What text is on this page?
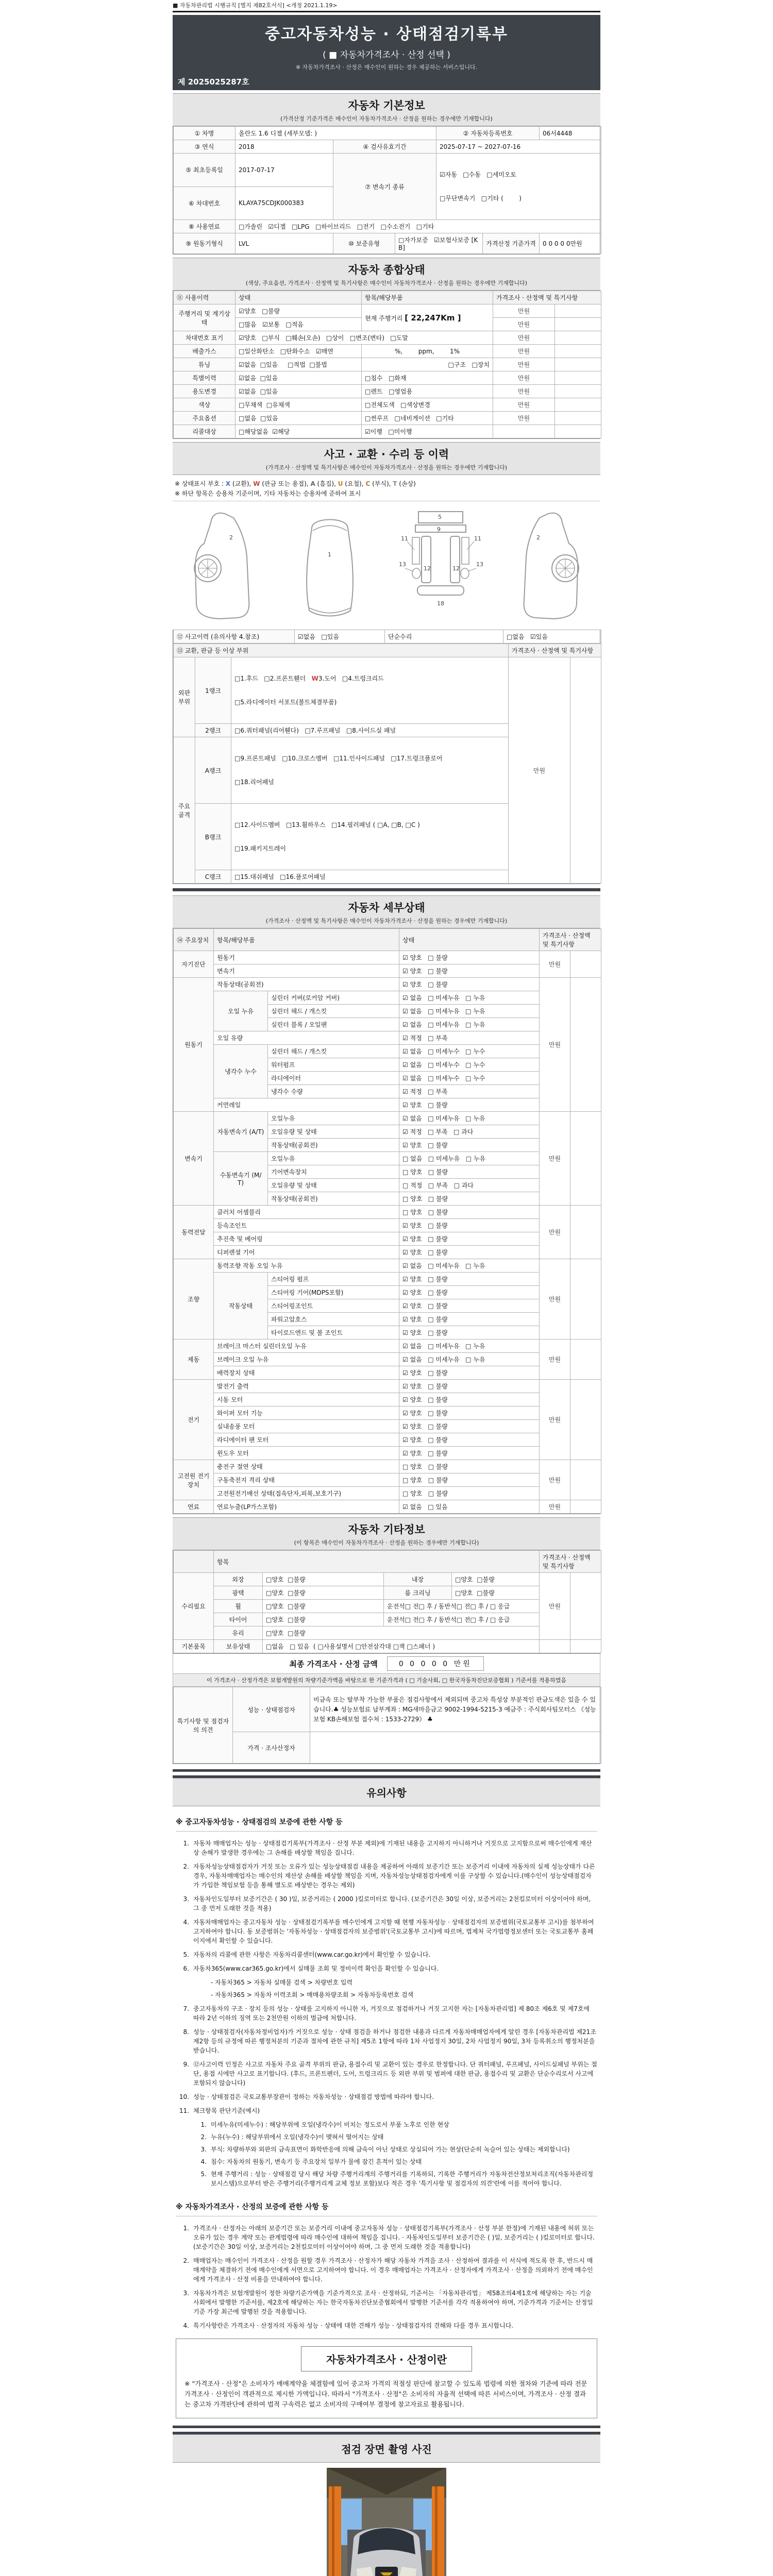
■ 자동차관리법 시행규칙 [별지 제82호서식] <개정 2021.1.19>
중고자동차성능 · 상태점검기록부
( ■ 자동차가격조사 · 산정 선택 )
※ 자동차가격조사 · 산정은 매수인이 원하는 경우 제공하는 서비스입니다.
제 2025025287호
자동차 기본정보
(가격산정 기준가격은 매수인이 자동차가격조사 · 산정을 원하는 경우에만 기재합니다)
① 차명	올란도 1.6 디젤 (세부모델: )			② 자동차등록번호		06서4448
③ 연식	2018	④ 검사유효기간		2025-07-17 ~ 2027-07-16		
⑤ 최초등록일	2017-07-17	⑦ 변속기 종류		☑자동   □수동   □세미오토

□무단변속기   □기타 (        )		

⑥ 차대번호	KLAYA75CDJK000383					
⑧ 사용연료	□가솔린   ☑디젤   □LPG   □하이브리드   □전기   □수소전기   □기타					
⑨ 원동기형식	LVL	⑩ 보증유형	□자가보증   ☑보험사보증 [KB]		가격산정 기준가격	0 0 0 0 0만원
자동차 종합상태
(색상, 주요옵션, 가격조사 · 산정액 및 특기사항은 매수인이 자동차가격조사 · 산정을 원하는 경우에만 기재합니다)
⑪ 사용이력	상태	항목/해당부품	가격조사 · 산정액 및 특기사항	
주행거리 및 계기상태	☑양호   □불량	현재 주행거리 [ 22,247Km ]	만원	
	□많음   ☑보통   □적음		만원	
차대번호 표기	☑양호   □부식   □훼손(오손)   □상이   □변조(변타)   □도말		만원	
배출가스	□일산화탄소   □탄화수소   ☑매연	%,        ppm,        1%	만원	
튜닝	☑없음  □있음     □적법  □불법	□구조   □장치	만원	
특별이력	☑없음  □있음	□침수   □화재	만원	
용도변경	☑없음  □있음	□렌트   □영업용	만원	
색상	□무채색  □유채색	□전체도색   □색상변경	만원	
주요옵션	□없음  □있음	□썬루프   □네비게이션   □기타	만원	
리콜대상	□해당없음  ☑해당	☑이행   □미이행		
사고 · 교환 · 수리 등 이력
(가격조사 · 산정액 및 특기사항은 매수인이 자동차가격조사 · 산정을 원하는 경우에만 기재합니다)
※ 상태표시 부호 : X (교환), W (판금 또는 용접), A (흠집), U (요철), C (부식), T (손상)
※ 하단 항목은 승용차 기준이며, 기타 자동차는 승용차에 준하여 표시
2
1
5
9
11	11
12	12
13	13
18
2
⑫ 사고이력 (유의사항 4.참조)	☑없음   □있음	단순수리	□없음   ☑있음
⑬ 교환, 판금 등 이상 부위			가격조사 · 산정액 및 특기사항	
외판부위	1랭크	□1.후드   □2.프론트휀더   W3.도어   □4.트렁크리드

□5.라디에이터 서포트(볼트체결부품)	만원	
	2랭크	□6.쿼터패널(리어휀다)   □7.루프패널   □8.사이드실 패널		
주요골격	A랭크	□9.프론트패널   □10.크로스멤버   □11.인사이드패널   □17.트렁크플로어

□18.리어패널		

	B랭크	□12.사이드멤버   □13.휠하우스   □14.필러패널 ( □A, □B, □C )

□19.패키지트레이		

	C랭크	□15.대쉬패널   □16.플로어패널		
자동차 세부상태
(가격조사 · 산정액 및 특기사항은 매수인이 자동차가격조사 · 산정을 원하는 경우에만 기재합니다)
⑭ 주요장치	항목/해당부품		상태	가격조사 · 산정액 및 특기사항	
자기진단	원동기		☑ 양호   □ 불량	만원	
	변속기		☑ 양호   □ 불량		
원동기	작동상태(공회전)		☑ 양호   □ 불량	만원	
	오일 누유	실린더 커버(로커암 커버)	☑ 없음   □ 미세누유   □ 누유		
		실린더 헤드 / 개스킷	☑ 없음   □ 미세누유   □ 누유		
		실린더 블록 / 오일팬	☑ 없음   □ 미세누유   □ 누유		
	오일 유량		☑ 적정   □ 부족		
	냉각수 누수	실린더 헤드 / 개스킷	☑ 없음   □ 미세누수   □ 누수		
		워터펌프	☑ 없음   □ 미세누수   □ 누수		
		라디에이터	☑ 없음   □ 미세누수   □ 누수		
		냉각수 수량	☑ 적정   □ 부족		
	커먼레일		☑ 양호   □ 불량		
변속기	자동변속기 (A/T)	오일누유	☑ 없음   □ 미세누유   □ 누유	만원	
		오일유량 및 상태	☑ 적정   □ 부족   □ 과다		
		작동상태(공회전)	☑ 양호   □ 불량		
	수동변속기 (M/T)	오일누유	□ 없음   □ 미세누유   □ 누유		
		기어변속장치	□ 양호   □ 불량		
		오일유량 및 상태	□ 적정   □ 부족   □ 과다		
		작동상태(공회전)	□ 양호   □ 불량		
동력전달	클러치 어셈블리		□ 양호   □ 불량	만원	
	등속조인트		☑ 양호   □ 불량		
	추진축 및 베어링		☑ 양호   □ 불량		
	디퍼렌셜 기어		☑ 양호   □ 불량		
조향	동력조향 작동 오일 누유		☑ 없음   □ 미세누유   □ 누유	만원	
	작동상태	스티어링 펌프	☑ 양호   □ 불량		
		스티어링 기어(MDPS포함)	☑ 양호   □ 불량		
		스티어링조인트	☑ 양호   □ 불량		
		파워고압호스	☑ 양호   □ 불량		
		타이로드엔드 및 볼 조인트	☑ 양호   □ 불량		
제동	브레이크 마스터 실린더오일 누유		☑ 없음   □ 미세누유   □ 누유	만원	
	브레이크 오일 누유		☑ 없음   □ 미세누유   □ 누유		
	배력장치 상태		☑ 양호   □ 불량		
전기	발전기 출력		☑ 양호   □ 불량	만원	
	시동 모터		☑ 양호   □ 불량		
	와이퍼 모터 기능		☑ 양호   □ 불량		
	실내송풍 모터		☑ 양호   □ 불량		
	라디에이터 팬 모터		☑ 양호   □ 불량		
	윈도우 모터		☑ 양호   □ 불량		
고전원 전기장치	충전구 절연 상태		□ 양호   □ 불량	만원	
	구동축전지 격리 상태		□ 양호   □ 불량		
	고전원전기배선 상태(접속단자,피복,보호기구)		□ 양호   □ 불량		
연료	연료누출(LP가스포함)		☑ 없음   □ 있음	만원	
자동차 기타정보
(이 항목은 매수인이 자동차가격조사 · 산정을 원하는 경우에만 기재합니다)
	항목				가격조사 · 산정액 및 특기사항	
수리필요	외장	□양호  □불량	내장	□양호  □불량	만원	
	광택	□양호  □불량	룸 크리닝	□양호  □불량		
	휠	□양호  □불량	운전석□ 전□ 후 / 동반석□ 전□ 후 / □ 응급			
	타이어	□양호  □불량	운전석□ 전□ 후 / 동반석□ 전□ 후 / □ 응급			
	유리	□양호  □불량				
기본품목	보유상태	□없음   □ 있음  ( □사용설명서 □안전삼각대 □잭 □스패너 )				
최종 가격조사 · 산정 금액	0 0 0 0 0 만원
이 가격조사 · 산정가격은 보험개발원의 차량기준가액을 바탕으로 한 기준가격과 ( □ 기술사회, □ 한국자동차진단보증협회 ) 기준서를 적용하였음
특기사항 및 점검자의 의견	성능 · 상태점검자	비금속 또는 탈부착 가능한 부품은 점검사항에서 제외되며 중고차 특성상 부분적인 판금도색은 있을 수 있습니다.♣ 성능보험료 납부계좌 : MG새마을금고 9002-1994-5215-3 예금주 : 주식회사팀모터스 《성능보험 KB손해보험 접수처 : 1533-2729》 ♣
	가격 · 조사산정자	
유의사항
※ 중고자동차성능 · 상태점검의 보증에 관한 사항 등
1. 자동차 매매업자는 성능 · 상태점검기록부(가격조사 · 산정 부분 제외)에 기재된 내용을 고지하지 아니하거나 거짓으로 고지함으로써 매수인에게 재산상 손해가 발생한 경우에는 그 손해를 배상할 책임을 집니다.
2. 자동차성능상태점검자가 거짓 또는 오류가 있는 성능상태점검 내용을 제공하여 아래의 보증기간 또는 보증거리 이내에 자동차의 실제 성능상태가 다른 경우, 자동차매매업자는 매수인의 재산상 손해를 배상할 책임을 지며, 자동차성능상태점검자에게 이를 구상할 수 있습니다.(매수인이 성능상태점검자가 가입한 책임보험 등을 통해 별도로 배상받는 경우는 제외)
3. 자동차인도일부터 보증기간은 ( 30 )일, 보증거리는 ( 2000 )킬로미터로 합니다. (보증기간은 30일 이상, 보증거리는 2천킬로미터 이상이어야 하며, 그 중 먼저 도래한 것을 적용)
4. 자동차매매업자는 중고자동차 성능 · 상태점검기록부를 매수인에게 고지할 때 현행 자동차성능 · 상태점검자의 보증범위(국토교통부 고시)를 첨부하여 고지하여야 합니다. 동 보증범위는 '자동차성능 · 상태점검자의 보증범위'(국토교통부 고시)에 따르며, 법제처 국가법령정보센터 또는 국토교통부 홈페이지에서 확인할 수 있습니다.
5. 자동차의 리콜에 관한 사항은 자동차리콜센터(www.car.go.kr)에서 확인할 수 있습니다.
6. 자동차365(www.car365.go.kr)에서 실매물 조회 및 정비이력 확인을 확인할 수 있습니다.
- 자동차365 > 자동차 실매물 검색 > 차량번호 입력
- 자동차365 > 자동차 이력조회 > 매매용차량조회 > 자동차등록번호 검색
7. 중고자동차의 구조 · 장치 등의 성능 · 상태를 고지하지 아니한 자, 거짓으로 점검하거나 거짓 고지한 자는 [자동차관리법] 제 80조 제6호 및 제7호에 따라 2년 이하의 징역 또는 2천만원 이하의 벌금에 처합니다.
8. 성능 · 상태점검자(자동차정비업자)가 거짓으로 성능 · 상태 점검을 하거나 점검한 내용과 다르게 자동차매매업자에게 알린 경우 [자동차관리법 제21조 제2항 등의 규정에 따른 행정처분의 기준과 절차에 관한 규칙] 제5조 1항에 따라 1차 사업정지 30일, 2차 사업정지 90일, 3차 등록취소의 행정처분을 받습니다.
9. ⑫사고이력 인정은 사고로 자동차 주요 골격 부위의 판금, 용접수리 및 교환이 있는 경우로 한정합니다. 단 쿼터패널, 루프패널, 사이드실패널 부위는 절단, 용접 시에만 사고로 표기합니다. (후드, 프론트펜더, 도어, 트렁크리드 등 외판 부위 및 범퍼에 대한 판금, 용접수리 및 교환은 단순수리로서 사고에 포함되지 않습니다)
10. 성능 · 상태점검은 국토교통부장관이 정하는 자동차성능 · 상태점검 방법에 따라야 합니다.
11. 체크항목 판단기준(예시)
1. 미세누유(미세누수) : 해당부위에 오일(냉각수)이 비치는 정도로서 부품 노후로 인한 현상
2. 누유(누수) : 해당부위에서 오일(냉각수)이 맺혀서 떨어지는 상태
3. 부식: 차량하부와 외판의 금속표면이 화학반응에 의해 금속이 아닌 상태로 상실되어 가는 현상(단순히 녹슬어 있는 상태는 제외합니다)
4. 침수: 자동차의 원동기, 변속기 등 주요장치 일부가 물에 잠긴 흔적이 있는 상태
5. 현재 주행거리 : 성능 · 상태점검 당시 해당 차량 주행거리계의 주행거리를 기록하되, 기록한 주행거리가 자동차전산정보처리조직(자동차관리정보시스템)으로부터 받은 주행거리(주행거리계 교체 정보 포함)보다 적은 경우 '특기사항 및 점검자의 의견'란에 이를 적어야 합니다.
※ 자동차가격조사 · 산정의 보증에 관한 사항 등
1. 가격조사 · 산정자는 아래의 보증기간 또는 보증거리 이내에 중고자동차 성능 · 상태점검기록부(가격조사 · 산정 부분 한정)에 기재된 내용에 허위 또는 오류가 있는 경우 계약 또는 관계법령에 따라 매수인에 대하여 책임을 집니다. · 자동차인도일부터 보증기간은 ( )일, 보증거리는 ( )킬로미터로 합니다. (보증기간은 30일 이상, 보증거리는 2천킬로미터 이상이어야 하며, 그 중 먼저 도래한 것을 적용합니다)
2. 매매업자는 매수인이 가격조사 · 산정을 원할 경우 가격조사 · 산정자가 해당 자동차 가격을 조사 · 산정하여 결과를 이 서식에 적도록 한 후, 반드시 매매계약을 체결하기 전에 매수인에게 서면으로 고지하여야 합니다. 이 경우 매매업자는 가격조사 · 산정자에게 가격조사 · 산정을 의뢰하기 전에 매수인에게 가격조사 · 산정 비용을 안내하여야 합니다.
3. 자동차가격은 보험개발원이 정한 차량기준가액을 기준가격으로 조사 · 산정하되, 기준서는 「자동차관리법」 제58조의4제1호에 해당하는 자는 기술사회에서 발행한 기준서를, 제2호에 해당하는 자는 한국자동차진단보증협회에서 발행한 기준서를 각각 적용하여야 하며, 기준가격과 기준서는 산정일 기준 가장 최근에 발행된 것을 적용합니다.
4. 특기사항란은 가격조사 · 산정자의 자동차 성능 · 상태에 대한 견해가 성능 · 상태점검자의 견해와 다를 경우 표시합니다.
자동차가격조사 · 산정이란
※ "가격조사 · 산정"은 소비자가 매매계약을 체결함에 있어 중고차 가격의 적절성 판단에 참고할 수 있도록 법령에 의한 절차와 기준에 따라 전문 가격조사 · 산정인이 객관적으로 제시한 가액입니다. 따라서 "가격조사 · 산정"은 소비자의 자율적 선택에 따른 서비스이며, 가격조사 · 산정 결과는 중고차 가격판단에 관하여 법적 구속력은 없고 소비자의 구매여부 결정에 참고자료로 활용됩니다.
점검 장면 촬영 사진
